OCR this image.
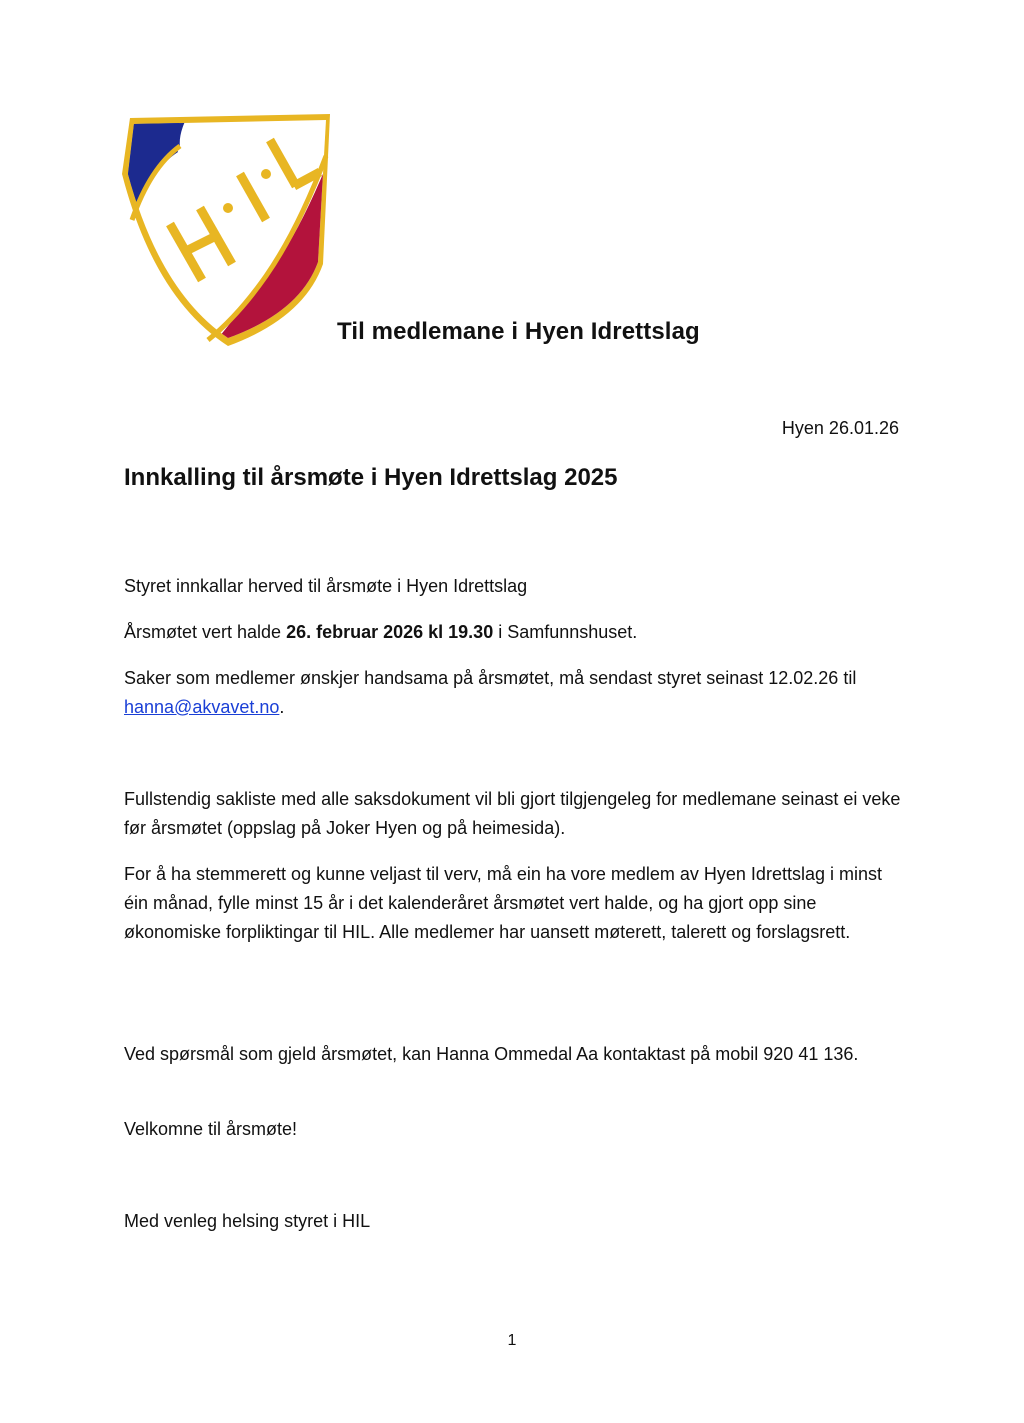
Til medlemane i Hyen Idrettslag
Hyen 26.01.26
Innkalling til årsmøte i Hyen Idrettslag 2025
Styret innkallar herved til årsmøte i Hyen Idrettslag
Årsmøtet vert halde 26. februar 2026 kl 19.30 i Samfunnshuset.
Saker som medlemer ønskjer handsama på årsmøtet, må sendast styret seinast 12.02.26 til hanna@akvavet.no.
Fullstendig sakliste med alle saksdokument vil bli gjort tilgjengeleg for medlemane seinast ei veke før årsmøtet (oppslag på Joker Hyen og på heimesida).
For å ha stemmerett og kunne veljast til verv, må ein ha vore medlem av Hyen Idrettslag i minst éin månad, fylle minst 15 år i det kalenderåret årsmøtet vert halde, og ha gjort opp sine økonomiske forpliktingar til HIL. Alle medlemer har uansett møterett, talerett og forslagsrett.
Ved spørsmål som gjeld årsmøtet, kan Hanna Ommedal Aa kontaktast på mobil 920 41 136.
Velkomne til årsmøte!
Med venleg helsing styret i HIL
1
